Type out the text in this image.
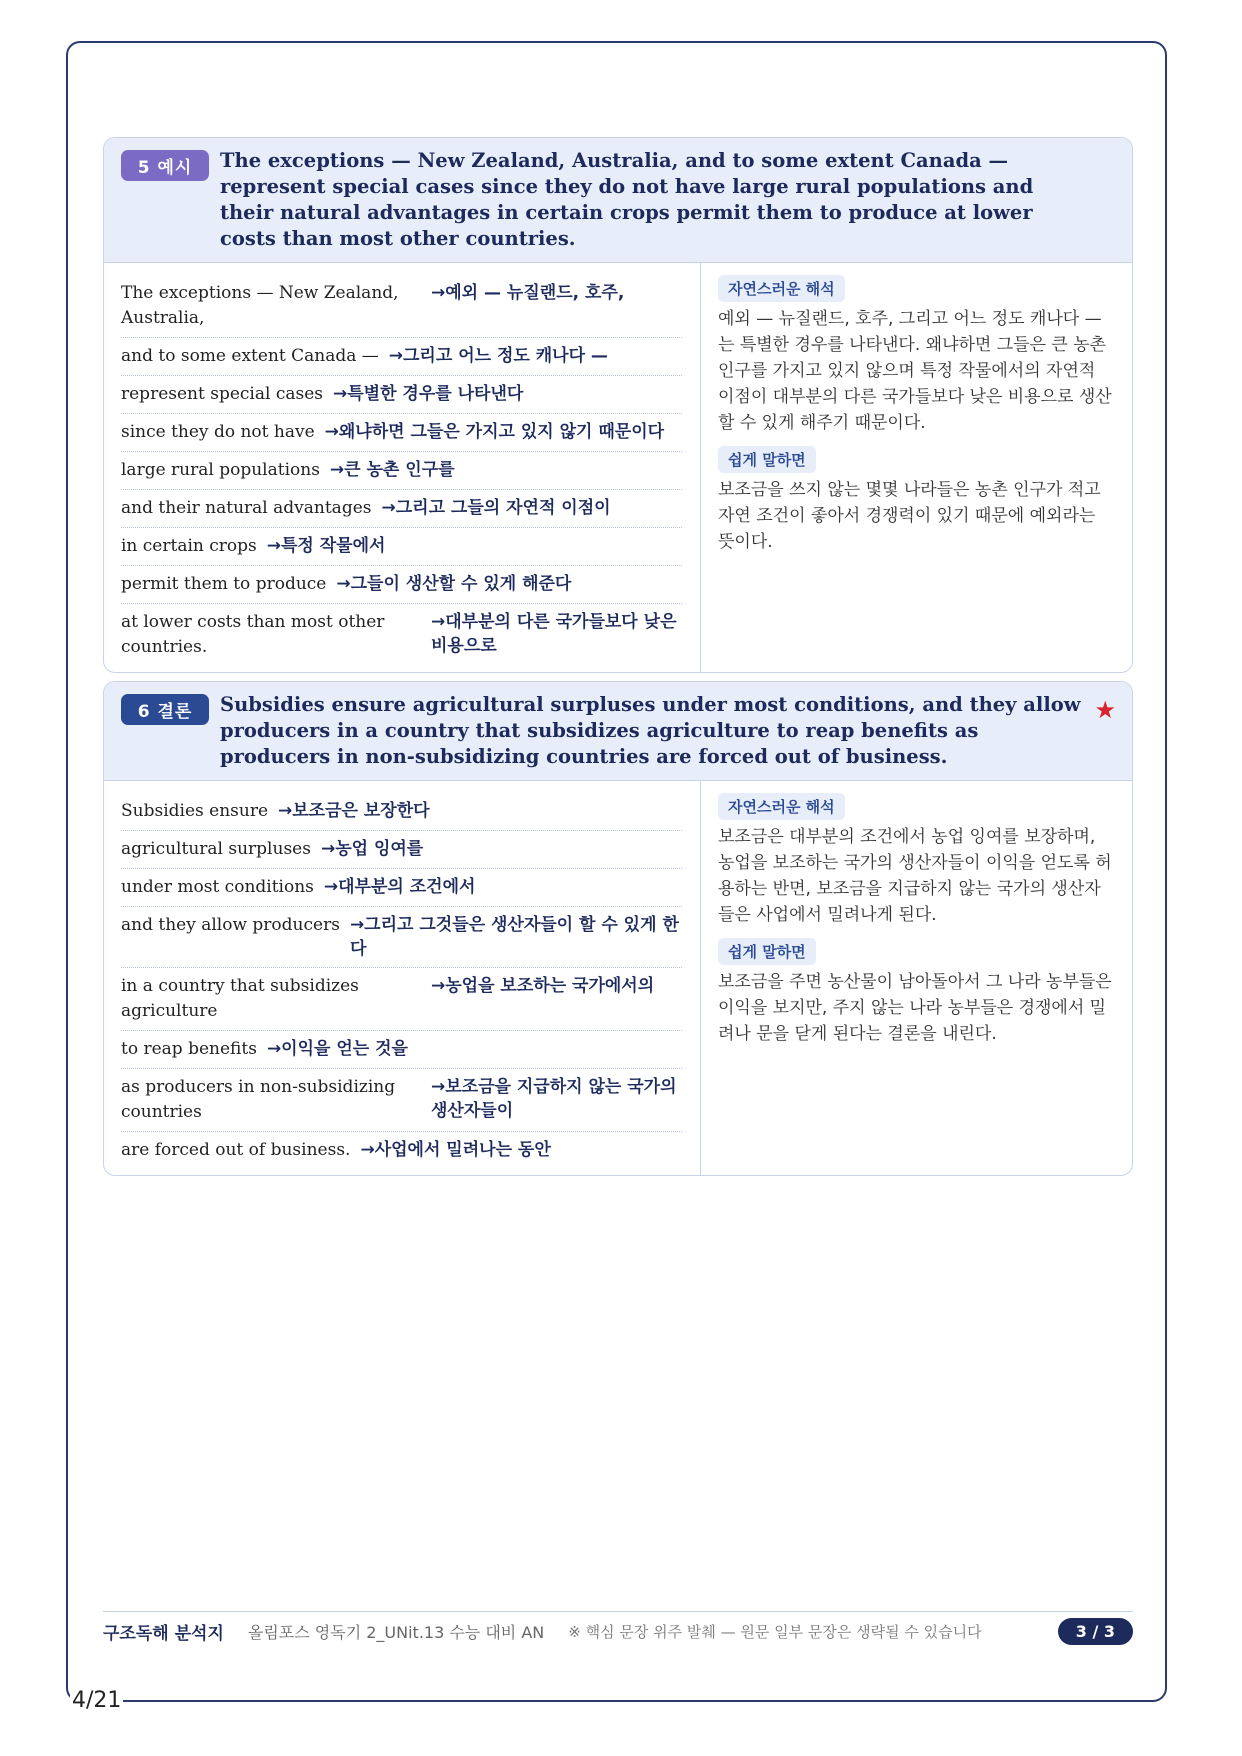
5 예시	The exceptions — New Zealand, Australia, and to some extent Canada — represent special cases since they do not have large rural populations and their natural advantages in certain crops permit them to produce at lower costs than most other countries.
The exceptions — New Zealand, Australia,
→예외 — 뉴질랜드, 호주,
and to some extent Canada — →그리고 어느 정도 캐나다 —
represent special cases →특별한 경우를 나타낸다
since they do not have →왜냐하면 그들은 가지고 있지 않기 때문이다
large rural populations →큰 농촌 인구를
and their natural advantages →그리고 그들의 자연적 이점이
in certain crops →특정 작물에서
permit them to produce →그들이 생산할 수 있게 해준다
at lower costs than most other countries.
→대부분의 다른 국가들보다 낮은 비용으로
자연스러운 해석
예외 — 뉴질랜드, 호주, 그리고 어느 정도 캐나다 — 는 특별한 경우를 나타낸다. 왜냐하면 그들은 큰 농촌 인구를 가지고 있지 않으며 특정 작물에서의 자연적 이점이 대부분의 다른 국가들보다 낮은 비용으로 생산할 수 있게 해주기 때문이다.
쉽게 말하면
보조금을 쓰지 않는 몇몇 나라들은 농촌 인구가 적고 자연 조건이 좋아서 경쟁력이 있기 때문에 예외라는 뜻이다.
6 결론	Subsidies ensure agricultural surpluses under most conditions, and they allow producers in a country that subsidizes agriculture to reap benefits as producers in non-subsidizing countries are forced out of business.
★
Subsidies ensure →보조금은 보장한다
agricultural surpluses →농업 잉여를
under most conditions →대부분의 조건에서
and they allow producers →그리고 그것들은 생산자들이 할 수 있게 한다
in a country that subsidizes agriculture
→농업을 보조하는 국가에서의
to reap benefits →이익을 얻는 것을
as producers in non-subsidizing countries
→보조금을 지급하지 않는 국가의 생산자들이
are forced out of business. →사업에서 밀려나는 동안
자연스러운 해석
보조금은 대부분의 조건에서 농업 잉여를 보장하며, 농업을 보조하는 국가의 생산자들이 이익을 얻도록 허용하는 반면, 보조금을 지급하지 않는 국가의 생산자들은 사업에서 밀려나게 된다.
쉽게 말하면
보조금을 주면 농산물이 남아돌아서 그 나라 농부들은 이익을 보지만, 주지 않는 나라 농부들은 경쟁에서 밀려나 문을 닫게 된다는 결론을 내린다.
구조독해 분석지 올림포스 영독기 2_UNit.13 수능 대비 AN ※ 핵심 문장 위주 발췌 — 원문 일부 문장은 생략될 수 있습니다	3 / 3
4/21
